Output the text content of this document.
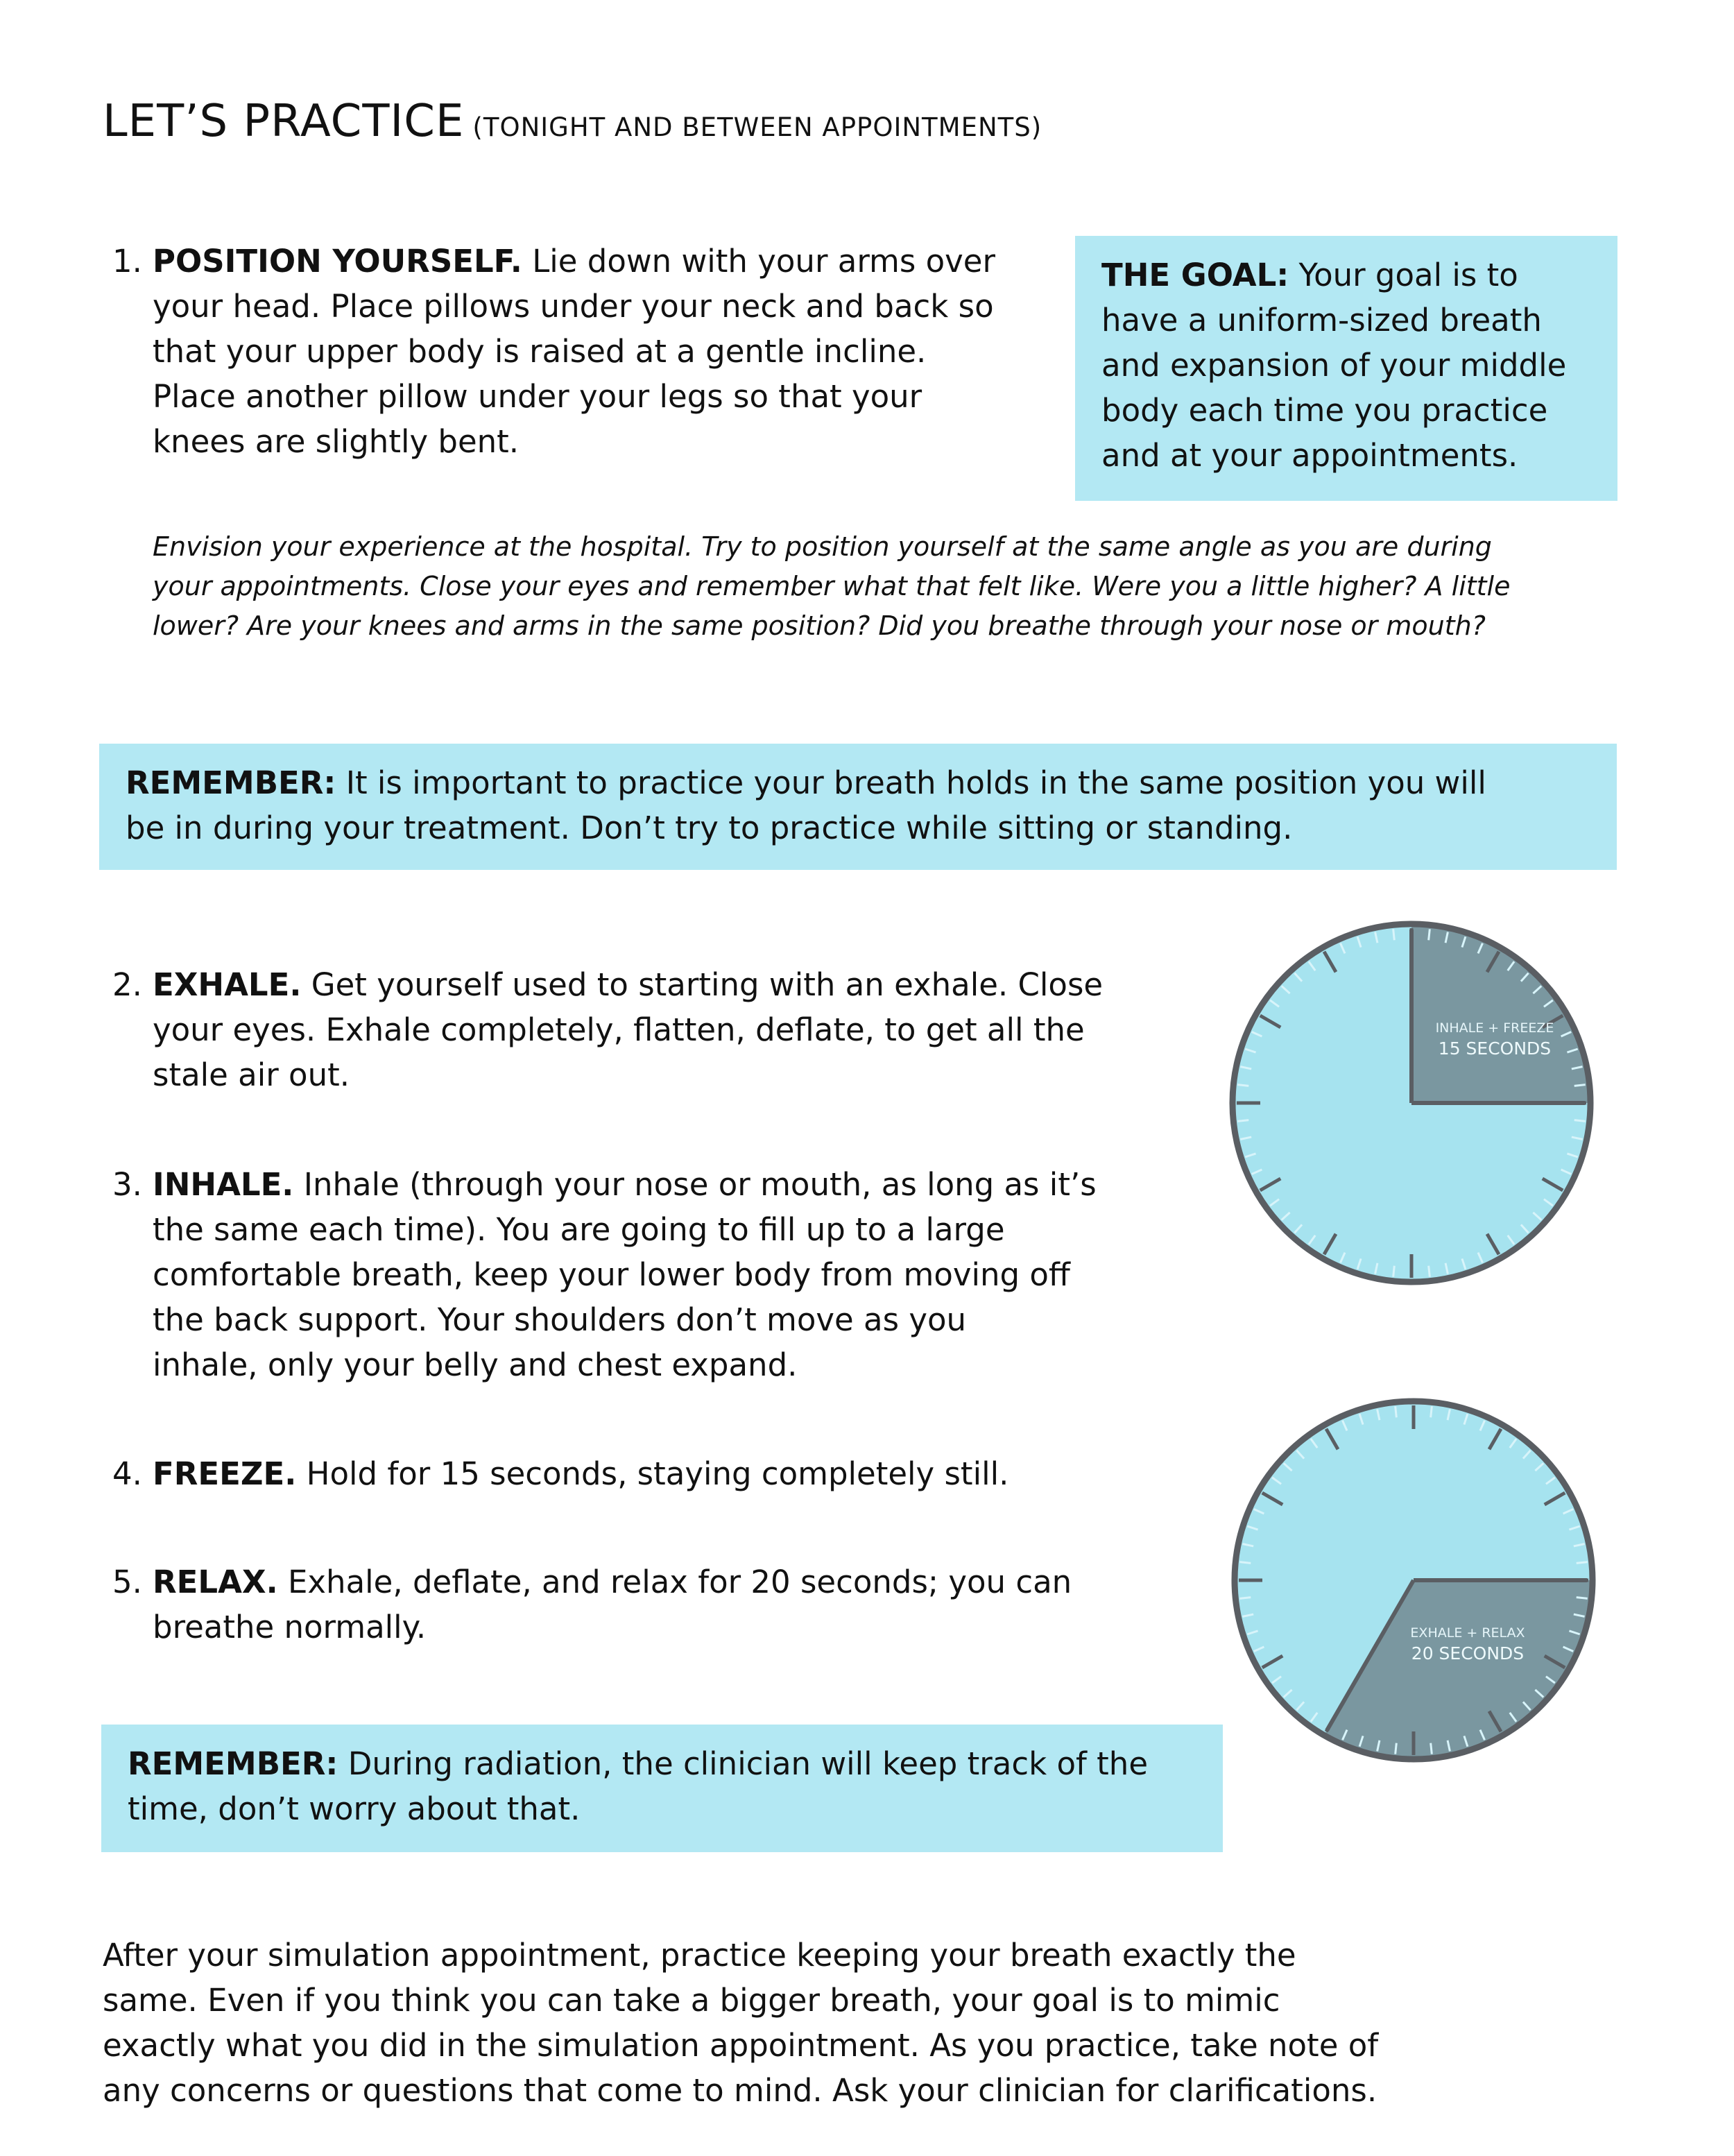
LET’S PRACTICE (TONIGHT AND BETWEEN APPOINTMENTS)
1. POSITION YOURSELF. Lie down with your arms over
your head. Place pillows under your neck and back so
that your upper body is raised at a gentle incline.
Place another pillow under your legs so that your
knees are slightly bent.
THE GOAL: Your goal is to
have a uniform-sized breath
and expansion of your middle
body each time you practice
and at your appointments.
Envision your experience at the hospital. Try to position yourself at the same angle as you are during
your appointments. Close your eyes and remember what that felt like. Were you a little higher? A little
lower? Are your knees and arms in the same position? Did you breathe through your nose or mouth?
REMEMBER: It is important to practice your breath holds in the same position you will
be in during your treatment. Don’t try to practice while sitting or standing.
2. EXHALE. Get yourself used to starting with an exhale. Close
your eyes. Exhale completely, flatten, deflate, to get all the
stale air out.
3. INHALE. Inhale (through your nose or mouth, as long as it’s
the same each time). You are going to fill up to a large
comfortable breath, keep your lower body from moving off
the back support. Your shoulders don’t move as you
inhale, only your belly and chest expand.
4. FREEZE. Hold for 15 seconds, staying completely still.
5. RELAX. Exhale, deflate, and relax for 20 seconds; you can
breathe normally.
REMEMBER: During radiation, the clinician will keep track of the
time, don’t worry about that.
After your simulation appointment, practice keeping your breath exactly the
same. Even if you think you can take a bigger breath, your goal is to mimic
exactly what you did in the simulation appointment. As you practice, take note of
any concerns or questions that come to mind. Ask your clinician for clarifications.
INHALE + FREEZE
15 SECONDS
EXHALE + RELAX
20 SECONDS
